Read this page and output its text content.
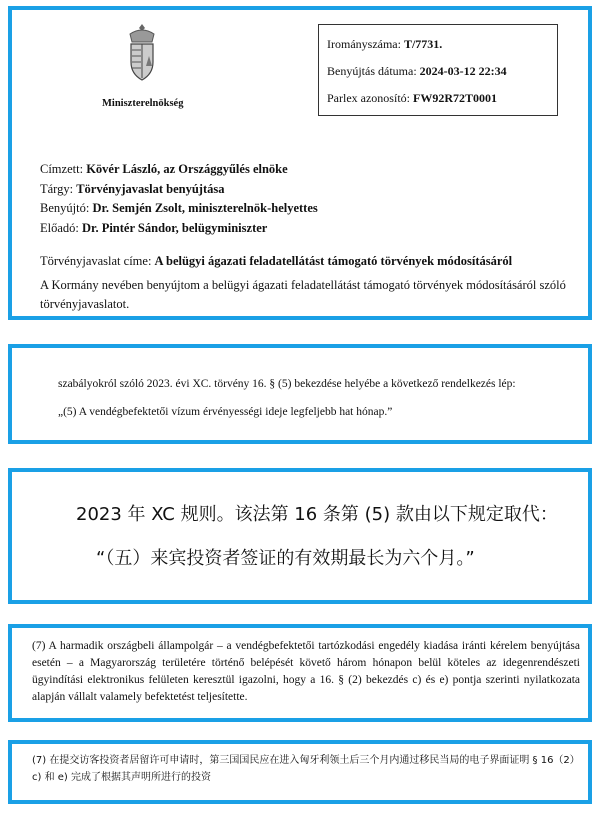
Miniszterelnökség
Irományszáma: T/7731.
Benyújtás dátuma: 2024-03-12 22:34
Parlex azonosító: FW92R72T0001
Címzett: Kövér László, az Országgyűlés elnöke
Tárgy: Törvényjavaslat benyújtása
Benyújtó: Dr. Semjén Zsolt, miniszterelnök-helyettes
Előadó: Dr. Pintér Sándor, belügyminiszter
Törvényjavaslat címe: A belügyi ágazati feladatellátást támogató törvények módosításáról
A Kormány nevében benyújtom a belügyi ágazati feladatellátást támogató törvények módosításáról szóló törvényjavaslatot.
szabályokról szóló 2023. évi XC. törvény 16. § (5) bekezdése helyébe a következő rendelkezés lép:
„(5) A vendégbefektetői vízum érvényességi ideje legfeljebb hat hónap.”
2023 年 XC 规则。该法第 16 条第 (5) 款由以下规定取代：
“（五）来宾投资者签证的有效期最长为六个月。”
(7) A harmadik országbeli állampolgár – a vendégbefektetői tartózkodási engedély kiadása iránti kérelem benyújtása esetén – a Magyarország területére történő belépését követő három hónapon belül köteles az idegenrendészeti ügyindítási elektronikus felületen keresztül igazolni, hogy a 16. § (2) bekezdés c) és e) pontja szerinti nyilatkozata alapján vállalt valamely befektetést teljesítette.
(7) 在提交访客投资者居留许可申请时，第三国国民应在进入匈牙利领土后三个月内通过移民当局的电子界面证明 § 16（2）c) 和 e) 完成了根据其声明所进行的投资
